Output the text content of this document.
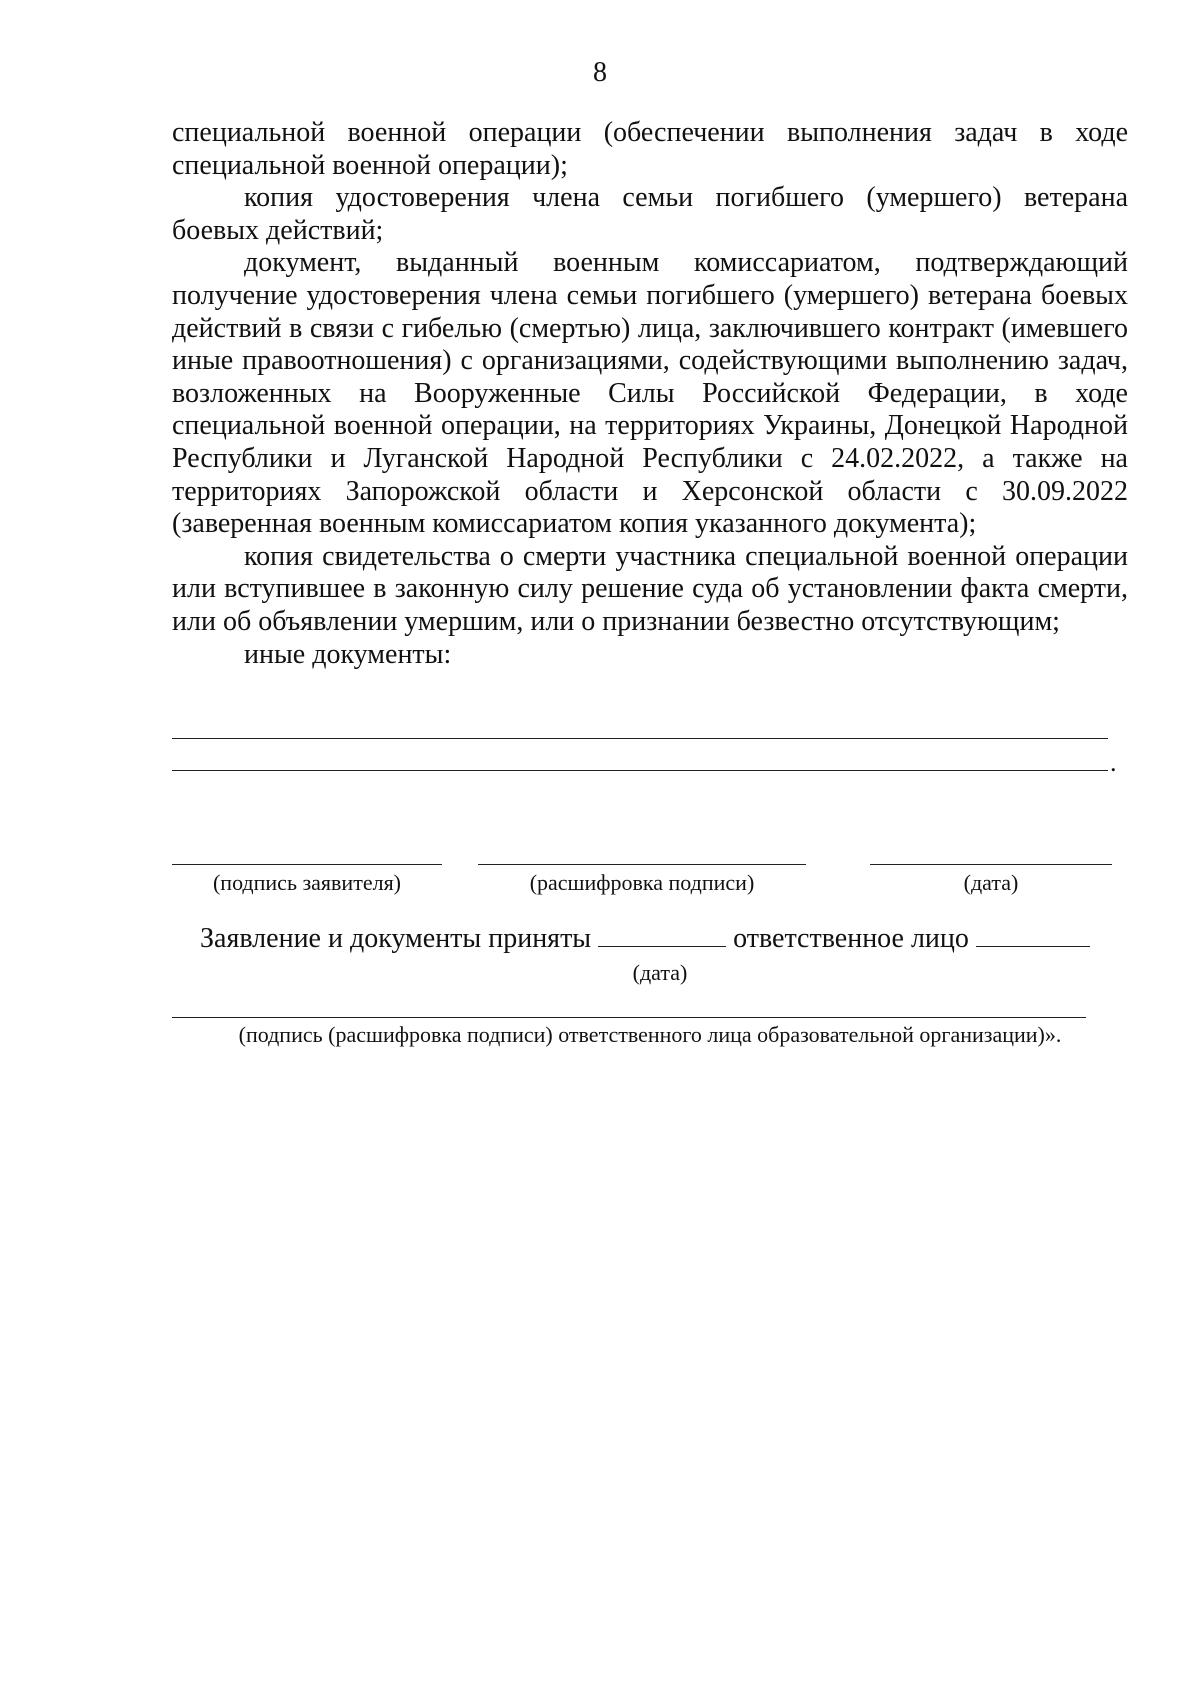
8

специальной военной операции (обеспечении выполнения задач в ходе специальной военной операции);

копия удостоверения члена семьи погибшего (умершего) ветерана боевых действий;

документ, выданный военным комиссариатом, подтверждающий получение удостоверения члена семьи погибшего (умершего) ветерана боевых действий в связи с гибелью (смертью) лица, заключившего контракт (имевшего иные правоотношения) с организациями, содействующими выполнению задач, возложенных на Вооруженные Силы Российской Федерации, в ходе специальной военной операции, на территориях Украины, Донецкой Народной Республики и Луганской Народной Республики с 24.02.2022, а также на территориях Запорожской области и Херсонской области с 30.09.2022 (заверенная военным комиссариатом копия указанного документа);

копия свидетельства о смерти участника специальной военной операции или вступившее в законную силу решение суда об установлении факта смерти, или об объявлении умершим, или о признании безвестно отсутствующим;

иные документы:

.
(подпись заявителя)	(расшифровка подписи)	(дата)
Заявление и документы приняты	ответственное лицо
(дата)
(подпись (расшифровка подписи) ответственного лица образовательной организации)».
